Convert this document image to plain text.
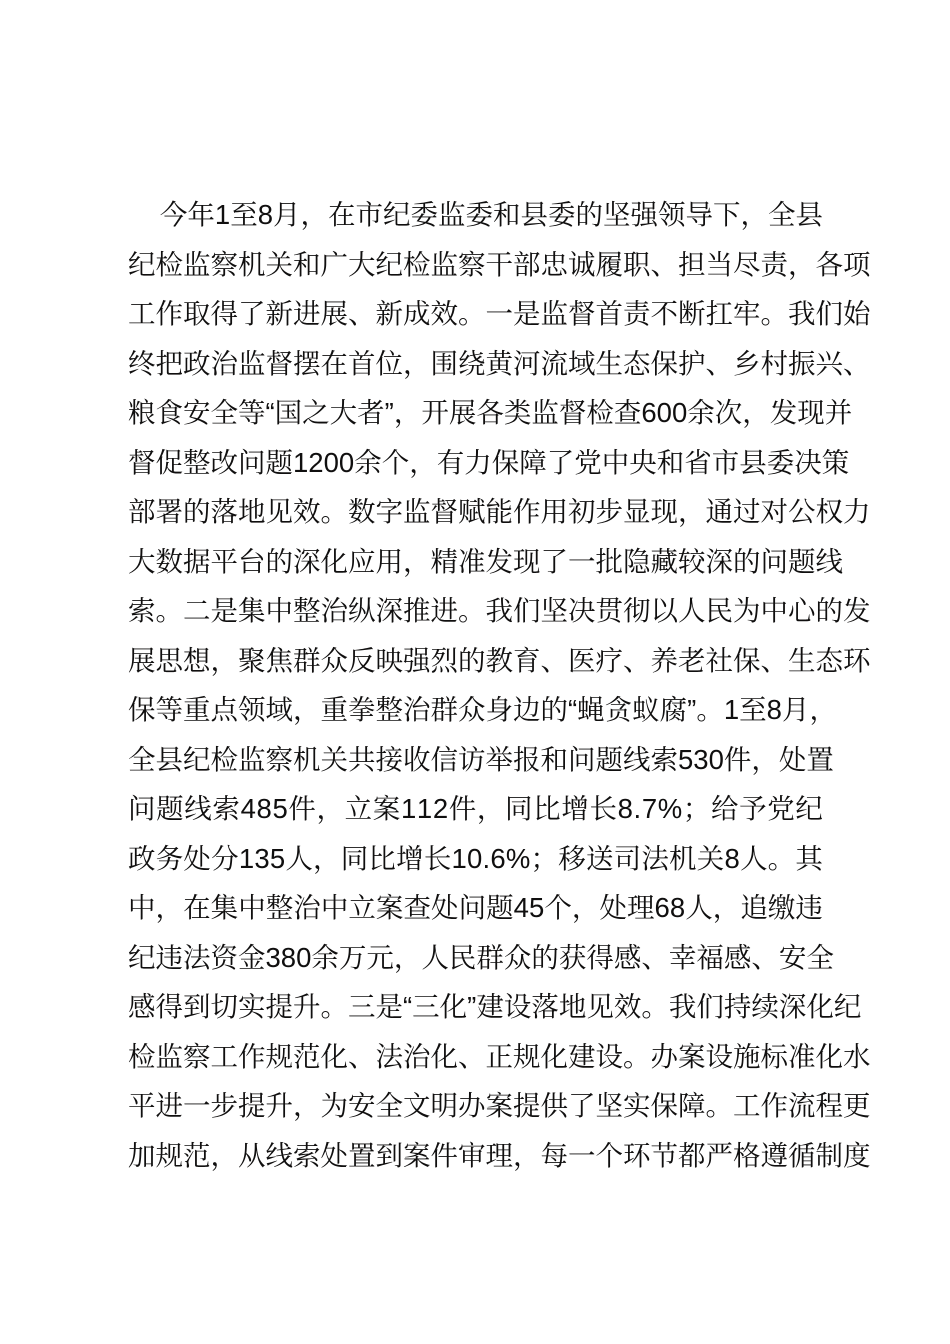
今 年 1 至 8 月 ， 在 市 纪 委 监 委 和 县 委 的 坚 强 领 导 下 ， 全 县
纪 检 监 察 机 关 和 广 大 纪 检 监 察 干 部 忠 诚 履 职 、 担 当 尽 责 ， 各 项
工 作 取 得 了 新 进 展 、 新 成 效 。 一 是 监 督 首 责 不 断 扛 牢 。 我 们 始
终 把 政 治 监 督 摆 在 首 位 ， 围 绕 黄 河 流 域 生 态 保 护 、 乡 村 振 兴 、
粮 食 安 全 等 “ 国 之 大 者 ” ， 开 展 各 类 监 督 检 查 6 0 0 余 次 ， 发 现 并
督 促 整 改 问 题 1 2 0 0 余 个 ， 有 力 保 障 了 党 中 央 和 省 市 县 委 决 策
部 署 的 落 地 见 效 。 数 字 监 督 赋 能 作 用 初 步 显 现 ， 通 过 对 公 权 力
大 数 据 平 台 的 深 化 应 用 ， 精 准 发 现 了 一 批 隐 藏 较 深 的 问 题 线
索 。 二 是 集 中 整 治 纵 深 推 进 。 我 们 坚 决 贯 彻 以 人 民 为 中 心 的 发
展 思 想 ， 聚 焦 群 众 反 映 强 烈 的 教 育 、 医 疗 、 养 老 社 保 、 生 态 环
保 等 重 点 领 域 ， 重 拳 整 治 群 众 身 边 的 “ 蝇 贪 蚁 腐 ” 。 1 至 8 月 ，
全 县 纪 检 监 察 机 关 共 接 收 信 访 举 报 和 问 题 线 索 5 3 0 件 ， 处 置
问 题 线 索 4 8 5 件 ， 立 案 1 1 2 件 ， 同 比 增 长 8 . 7 % ； 给 予 党 纪
政 务 处 分 1 3 5 人 ， 同 比 增 长 1 0 . 6 % ； 移 送 司 法 机 关 8 人 。 其
中 ， 在 集 中 整 治 中 立 案 查 处 问 题 4 5 个 ， 处 理 6 8 人 ， 追 缴 违
纪 违 法 资 金 3 8 0 余 万 元 ， 人 民 群 众 的 获 得 感 、 幸 福 感 、 安 全
感 得 到 切 实 提 升 。 三 是 “ 三 化 ” 建 设 落 地 见 效 。 我 们 持 续 深 化 纪
检 监 察 工 作 规 范 化 、 法 治 化 、 正 规 化 建 设 。 办 案 设 施 标 准 化 水
平 进 一 步 提 升 ， 为 安 全 文 明 办 案 提 供 了 坚 实 保 障 。 工 作 流 程 更
加 规 范 ， 从 线 索 处 置 到 案 件 审 理 ， 每 一 个 环 节 都 严 格 遵 循 制 度
